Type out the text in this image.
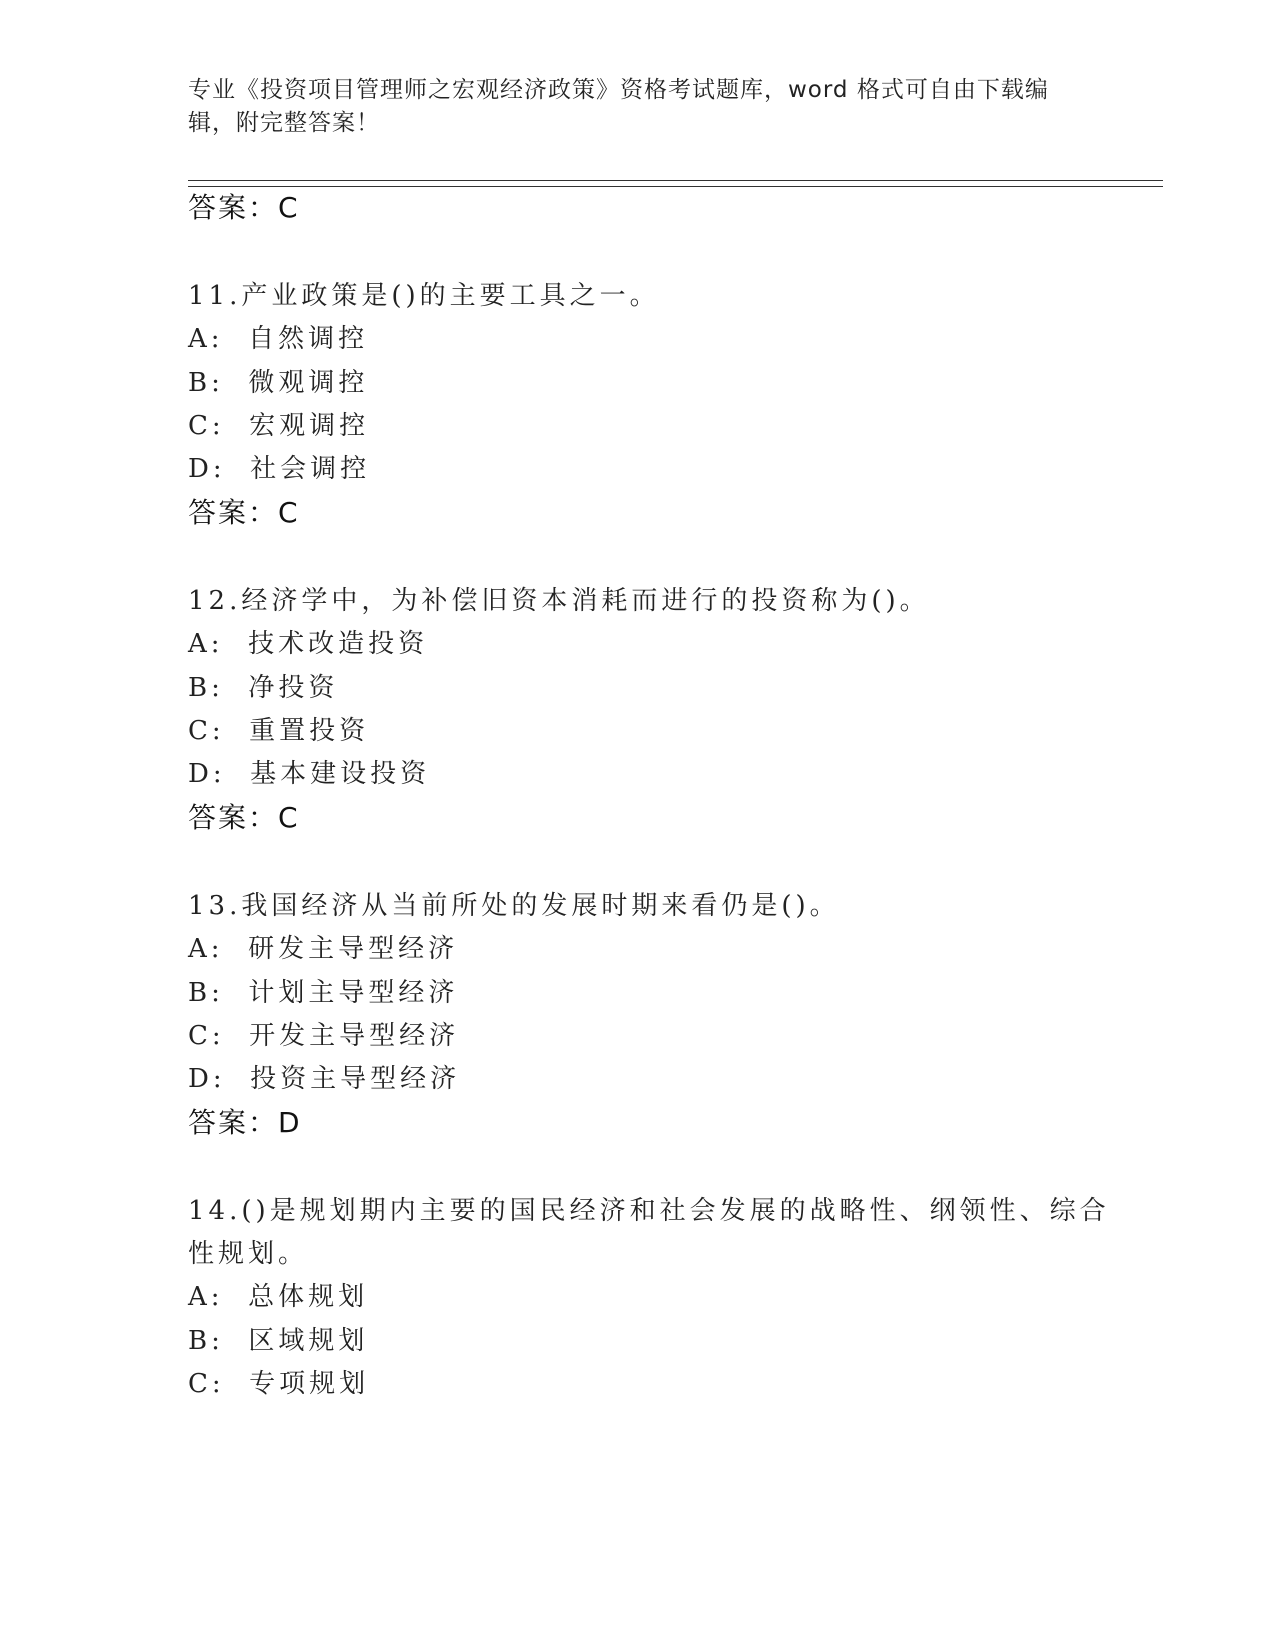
专业《投资项目管理师之宏观经济政策》资格考试题库，word 格式可自由下载编
辑，附完整答案！
答案：C
11.产业政策是()的主要工具之一。
A:  自然调控
B:  微观调控
C:  宏观调控
D:  社会调控
答案：C
12.经济学中，为补偿旧资本消耗而进行的投资称为()。
A:  技术改造投资
B:  净投资
C:  重置投资
D:  基本建设投资
答案：C
13.我国经济从当前所处的发展时期来看仍是()。
A:  研发主导型经济
B:  计划主导型经济
C:  开发主导型经济
D:  投资主导型经济
答案：D
14.()是规划期内主要的国民经济和社会发展的战略性、纲领性、综合
性规划。
A:  总体规划
B:  区域规划
C:  专项规划
